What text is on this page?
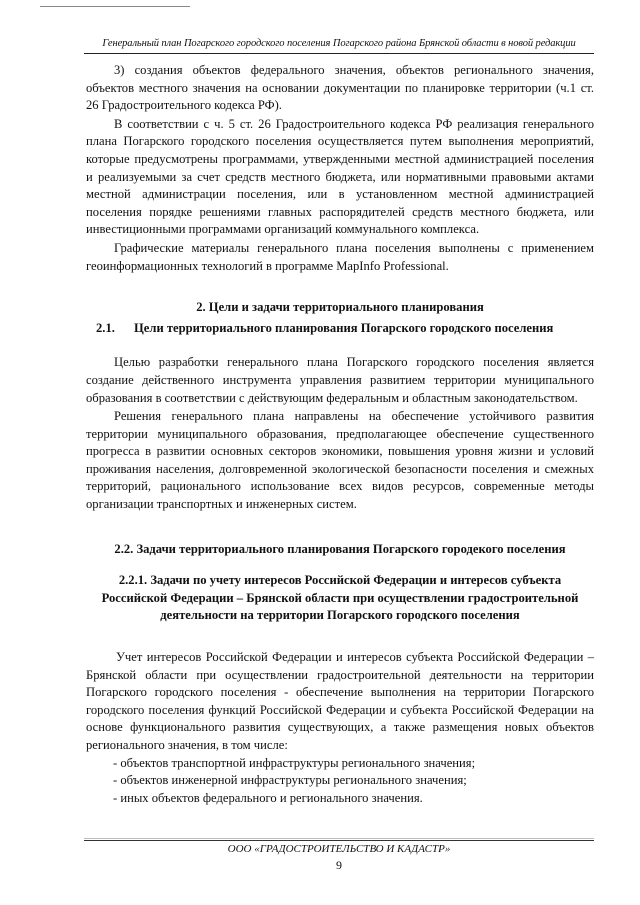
Генеральный план Погарского городского поселения Погарского района Брянской области в новой редакции

3) создания объектов федерального значения, объектов регионального значения, объектов местного значения на основании документации по планировке территории (ч.1 ст. 26 Градостроительного кодекса РФ).

В соответствии с ч. 5 ст. 26 Градостроительного кодекса РФ реализация генерального плана Погарского городского поселения осуществляется путем выполнения мероприятий, которые предусмотрены программами, утвержденными местной администрацией поселения и реализуемыми за счет средств местного бюджета, или нормативными правовыми актами местной администрации поселения, или в установленном местной администрацией поселения порядке решениями главных распорядителей средств местного бюджета, или инвестиционными программами организаций коммунального комплекса.

Графические материалы генерального плана поселения выполнены с применением геоинформационных технологий в программе MapInfo Professional.

2. Цели и задачи территориального планирования

2.1. Цели территориального планирования Погарского городского поселения

Целью разработки генерального плана Погарского городского поселения является создание действенного инструмента управления развитием территории муниципального образования в соответствии с действующим федеральным и областным законодательством.

Решения генерального плана направлены на обеспечение устойчивого развития территории муниципального образования, предполагающее обеспечение существенного прогресса в развитии основных секторов экономики, повышения уровня жизни и условий проживания населения, долговременной экологической безопасности поселения и смежных территорий, рационального использование всех видов ресурсов, современные методы организации транспортных и инженерных систем.

2.2. Задачи территориального планирования Погарского городекого поселения

2.2.1. Задачи по учету интересов Российской Федерации и интересов субъекта Российской Федерации – Брянской области при осуществлении градостроительной деятельности на территории Погарского городского поселения

Учет интересов Российской Федерации и интересов субъекта Российской Федерации – Брянской области при осуществлении градостроительной деятельности на территории Погарского городского поселения - обеспечение выполнения на территории Погарского городского поселения функций Российской Федерации и субъекта Российской Федерации на основе функционального развития существующих, а также размещения новых объектов регионального значения, в том числе:

- объектов транспортной инфраструктуры регионального значения;

- объектов инженерной инфраструктуры регионального значения;

- иных объектов федерального и регионального значения.

ООО «ГРАДОСТРОИТЕЛЬСТВО И КАДАСТР»
9
